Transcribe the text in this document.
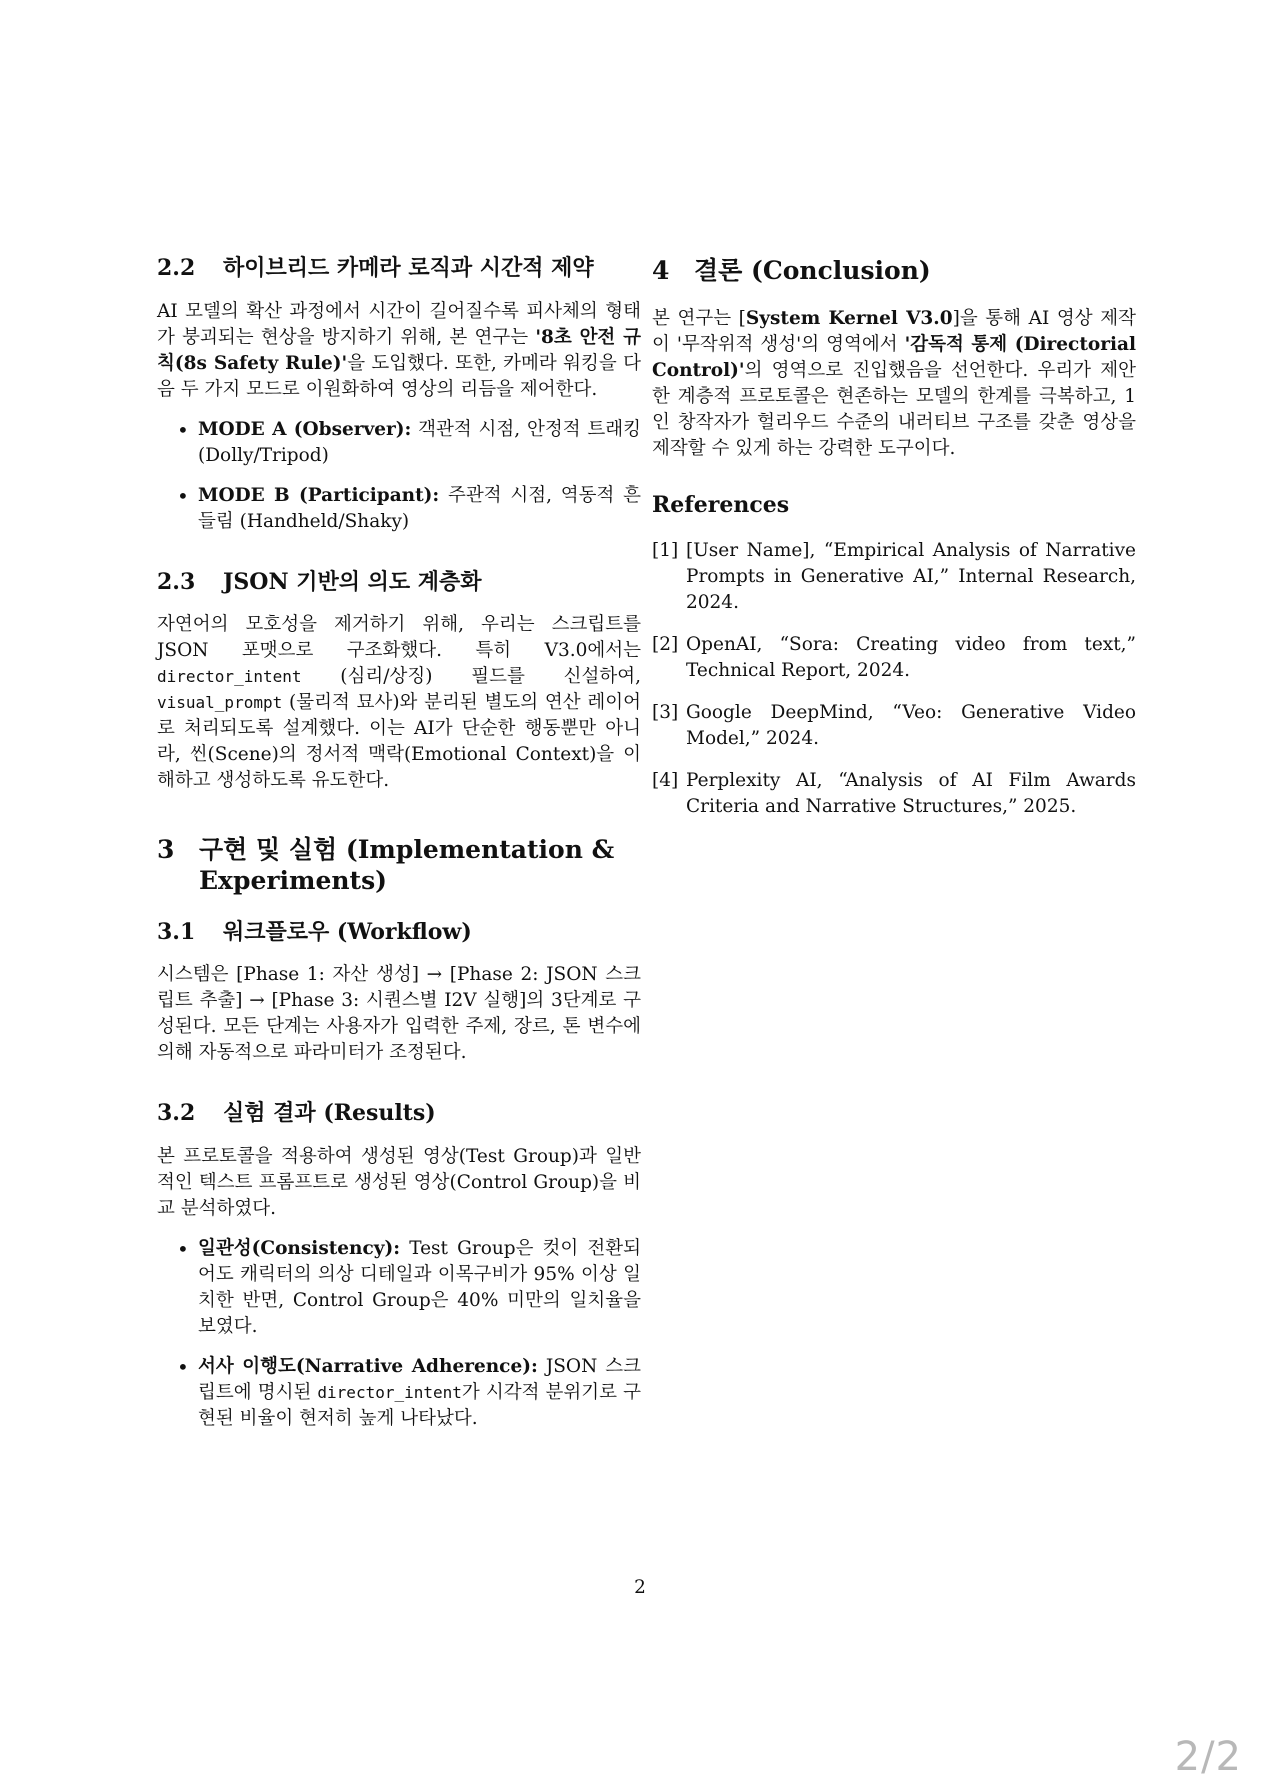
2.2	하이브리드 카메라 로직과 시간적 제약

AI 모델의 확산 과정에서 시간이 길어질수록 피사체의 형태가 붕괴되는 현상을 방지하기 위해, 본 연구는 '8초 안전 규칙(8s Safety Rule)'을 도입했다. 또한, 카메라 워킹을 다음 두 가지 모드로 이원화하여 영상의 리듬을 제어한다.

• MODE A (Observer): 객관적 시점, 안정적 트래킹 (Dolly/Tripod)
• MODE B (Participant): 주관적 시점, 역동적 흔들림 (Handheld/Shaky)
2.3	JSON 기반의 의도 계층화

자연어의 모호성을 제거하기 위해, 우리는 스크립트를 JSON 포맷으로 구조화했다. 특히 V3.0에서는 director_intent (심리/상징) 필드를 신설하여, visual_prompt (물리적 묘사)와 분리된 별도의 연산 레이어로 처리되도록 설계했다. 이는 AI가 단순한 행동뿐만 아니라, 씬(Scene)의 정서적 맥락(Emotional Context)을 이해하고 생성하도록 유도한다.

3 구현 및 실험 (Implementation & Experiments)
3.1	워크플로우 (Workflow)

시스템은 [Phase 1: 자산 생성] → [Phase 2: JSON 스크립트 추출] → [Phase 3: 시퀀스별 I2V 실행]의 3단계로 구성된다. 모든 단계는 사용자가 입력한 주제, 장르, 톤 변수에 의해 자동적으로 파라미터가 조정된다.

3.2	실험 결과 (Results)

본 프로토콜을 적용하여 생성된 영상(Test Group)과 일반적인 텍스트 프롬프트로 생성된 영상(Control Group)을 비교 분석하였다.

• 일관성(Consistency): Test Group은 컷이 전환되어도 캐릭터의 의상 디테일과 이목구비가 95% 이상 일치한 반면, Control Group은 40% 미만의 일치율을 보였다.
• 서사 이행도(Narrative Adherence): JSON 스크립트에 명시된 director_intent가 시각적 분위기로 구현된 비율이 현저히 높게 나타났다.
4 결론 (Conclusion)

본 연구는 [System Kernel V3.0]을 통해 AI 영상 제작이 '무작위적 생성'의 영역에서 '감독적 통제 (Directorial Control)'의 영역으로 진입했음을 선언한다. 우리가 제안한 계층적 프로토콜은 현존하는 모델의 한계를 극복하고, 1인 창작자가 헐리우드 수준의 내러티브 구조를 갖춘 영상을 제작할 수 있게 하는 강력한 도구이다.

References
[1] [User Name], “Empirical Analysis of Narrative Prompts in Generative AI,” Internal Research, 2024.
[2] OpenAI, “Sora: Creating video from text,” Technical Report, 2024.
[3] Google DeepMind, “Veo: Generative Video Model,” 2024.
[4] Perplexity AI, “Analysis of AI Film Awards Criteria and Narrative Structures,” 2025.
2
2/2
